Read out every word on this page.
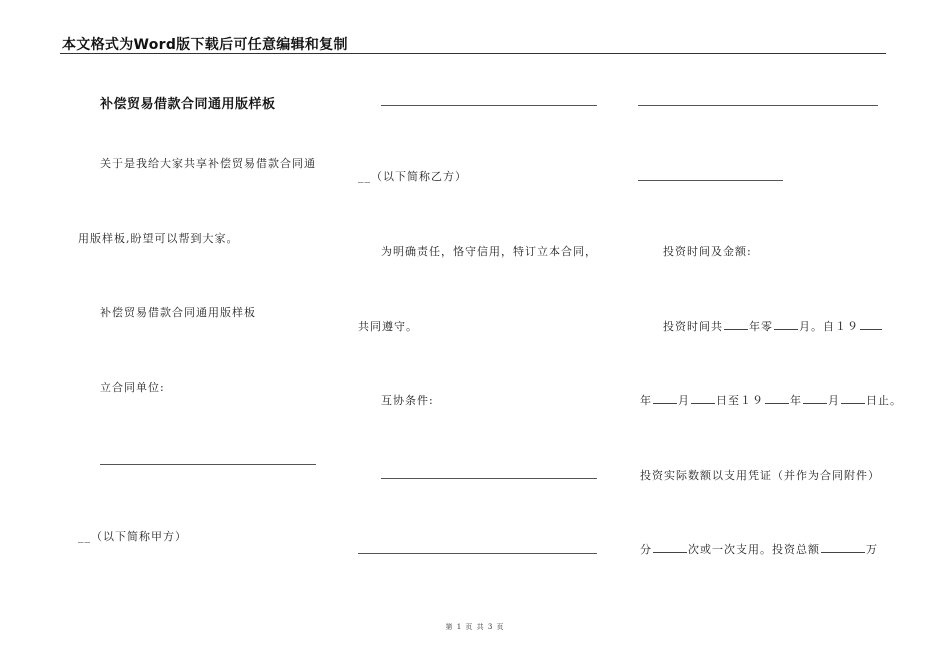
本文格式为Word版下载后可任意编辑和复制
补偿贸易借款合同通用版样板
关于是我给大家共享补偿贸易借款合同通
用版样板,盼望可以帮到大家。
补偿贸易借款合同通用版样板
立合同单位:
__（以下简称甲方）
__（以下简称乙方）
为明确责任，恪守信用，特订立本合同，
共同遵守。
互协条件:
投资时间及金额:
投资时间共 年零 月。自１９
年 月 日至１９ 年 月 日止。
投资实际数额以支用凭证（并作为合同附件）
分	次或一次支用。投资总额	万
第 1 页 共 3 页
